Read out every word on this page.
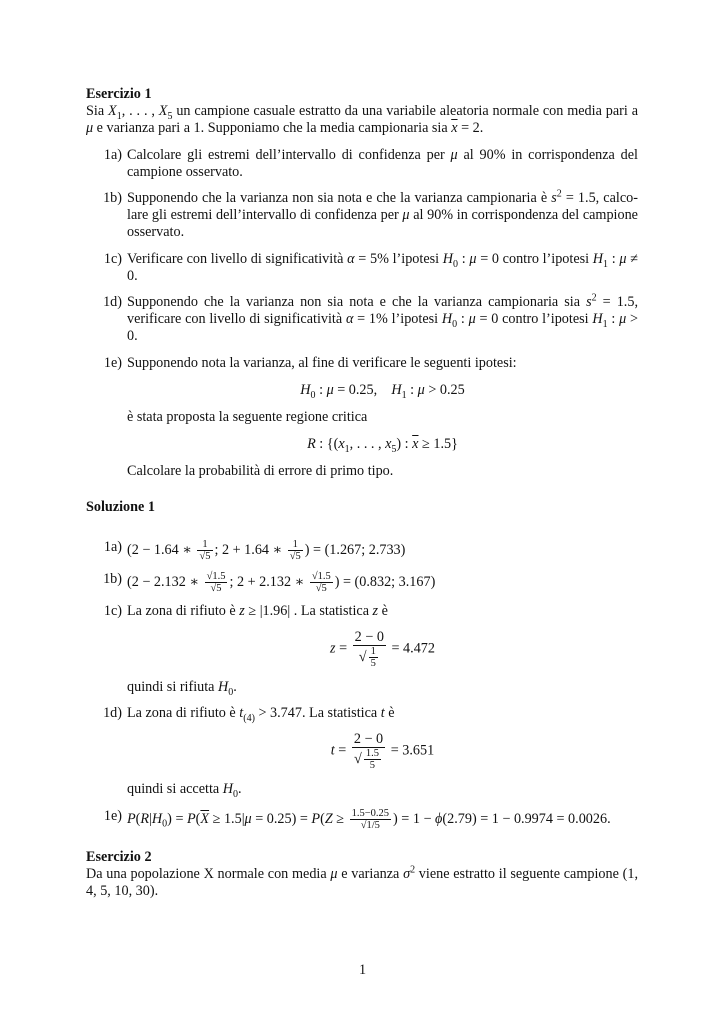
Esercizio 1

Sia $X_1$, . . . , $X_5$ un campione casuale estratto da una variabile aleatoria normale con media pari a μ e varianza pari a 1. Supponiamo che la media campionaria sia $\overline{x} = 2$.

1a) Calcolare gli estremi dell’intervallo di confidenza per μ al 90% in corrispondenza del campione osservato.
1b) Supponendo che la varianza non sia nota e che la varianza campionaria è $s^2 = 1.5$, calcolare gli estremi dell’intervallo di confidenza per μ al 90% in corrispondenza del campione osservato.
1c) Verificare con livello di significatività α = 5% l’ipotesi $H_0$ : μ = 0 contro l’ipotesi $H_1$ : μ ≠ 0.
1d) Supponendo che la varianza non sia nota e che la varianza campionaria sia $s^2 = 1.5$, verificare con livello di significatività α = 1% l’ipotesi $H_0$ : μ = 0 contro l’ipotesi $H_1$ : μ > 0.
1e) Supponendo nota la varianza, al fine di verificare le seguenti ipotesi:
$H_0$ : μ = 0.25,    $H_1$ : μ > 0.25
è stata proposta la seguente regione critica
R : {($x_1$, . . . , $x_5$) : $\overline{x} \ge 1.5$}
Calcolare la probabilità di errore di primo tipo.
Soluzione 1
1a) (2 − 1.64 ∗ $\frac{1}{√5}$ ; 2 + 1.64 ∗ $\frac{1}{√5}$ ) = (1.267; 2.733)
1b) (2 − 2.132 ∗ $\frac{√1.5}{√5}$ ; 2 + 2.132 ∗ $\frac{√1.5}{√5}$ ) = (0.832; 3.167)
1c) La zona di rifiuto è z ≥ |1.96| . La statistica z è
$z = \frac{2 - 0}{√ \frac{1}{5}} = 4.472$
quindi si rifiuta $H_0$.
1d) La zona di rifiuto è $t_{(4)} > 3.747$. La statistica t è
$t = \frac{2 - 0}{√ \frac{1.5}{5}} = 3.651$
quindi si accetta $H_0$.
1e) $P(R|H_0) = P(\overline{X} \ge 1.5|\mu = 0.25) = P(Z \ge \frac{1.5-0.25}{√1/5}$ ) = 1 − ϕ(2.79) = 1 − 0.9974 = 0.0026.
Esercizio 2

Da una popolazione X normale con media μ e varianza $\sigma^2$ viene estratto il seguente campione (1, 4, 5, 10, 30).

1
